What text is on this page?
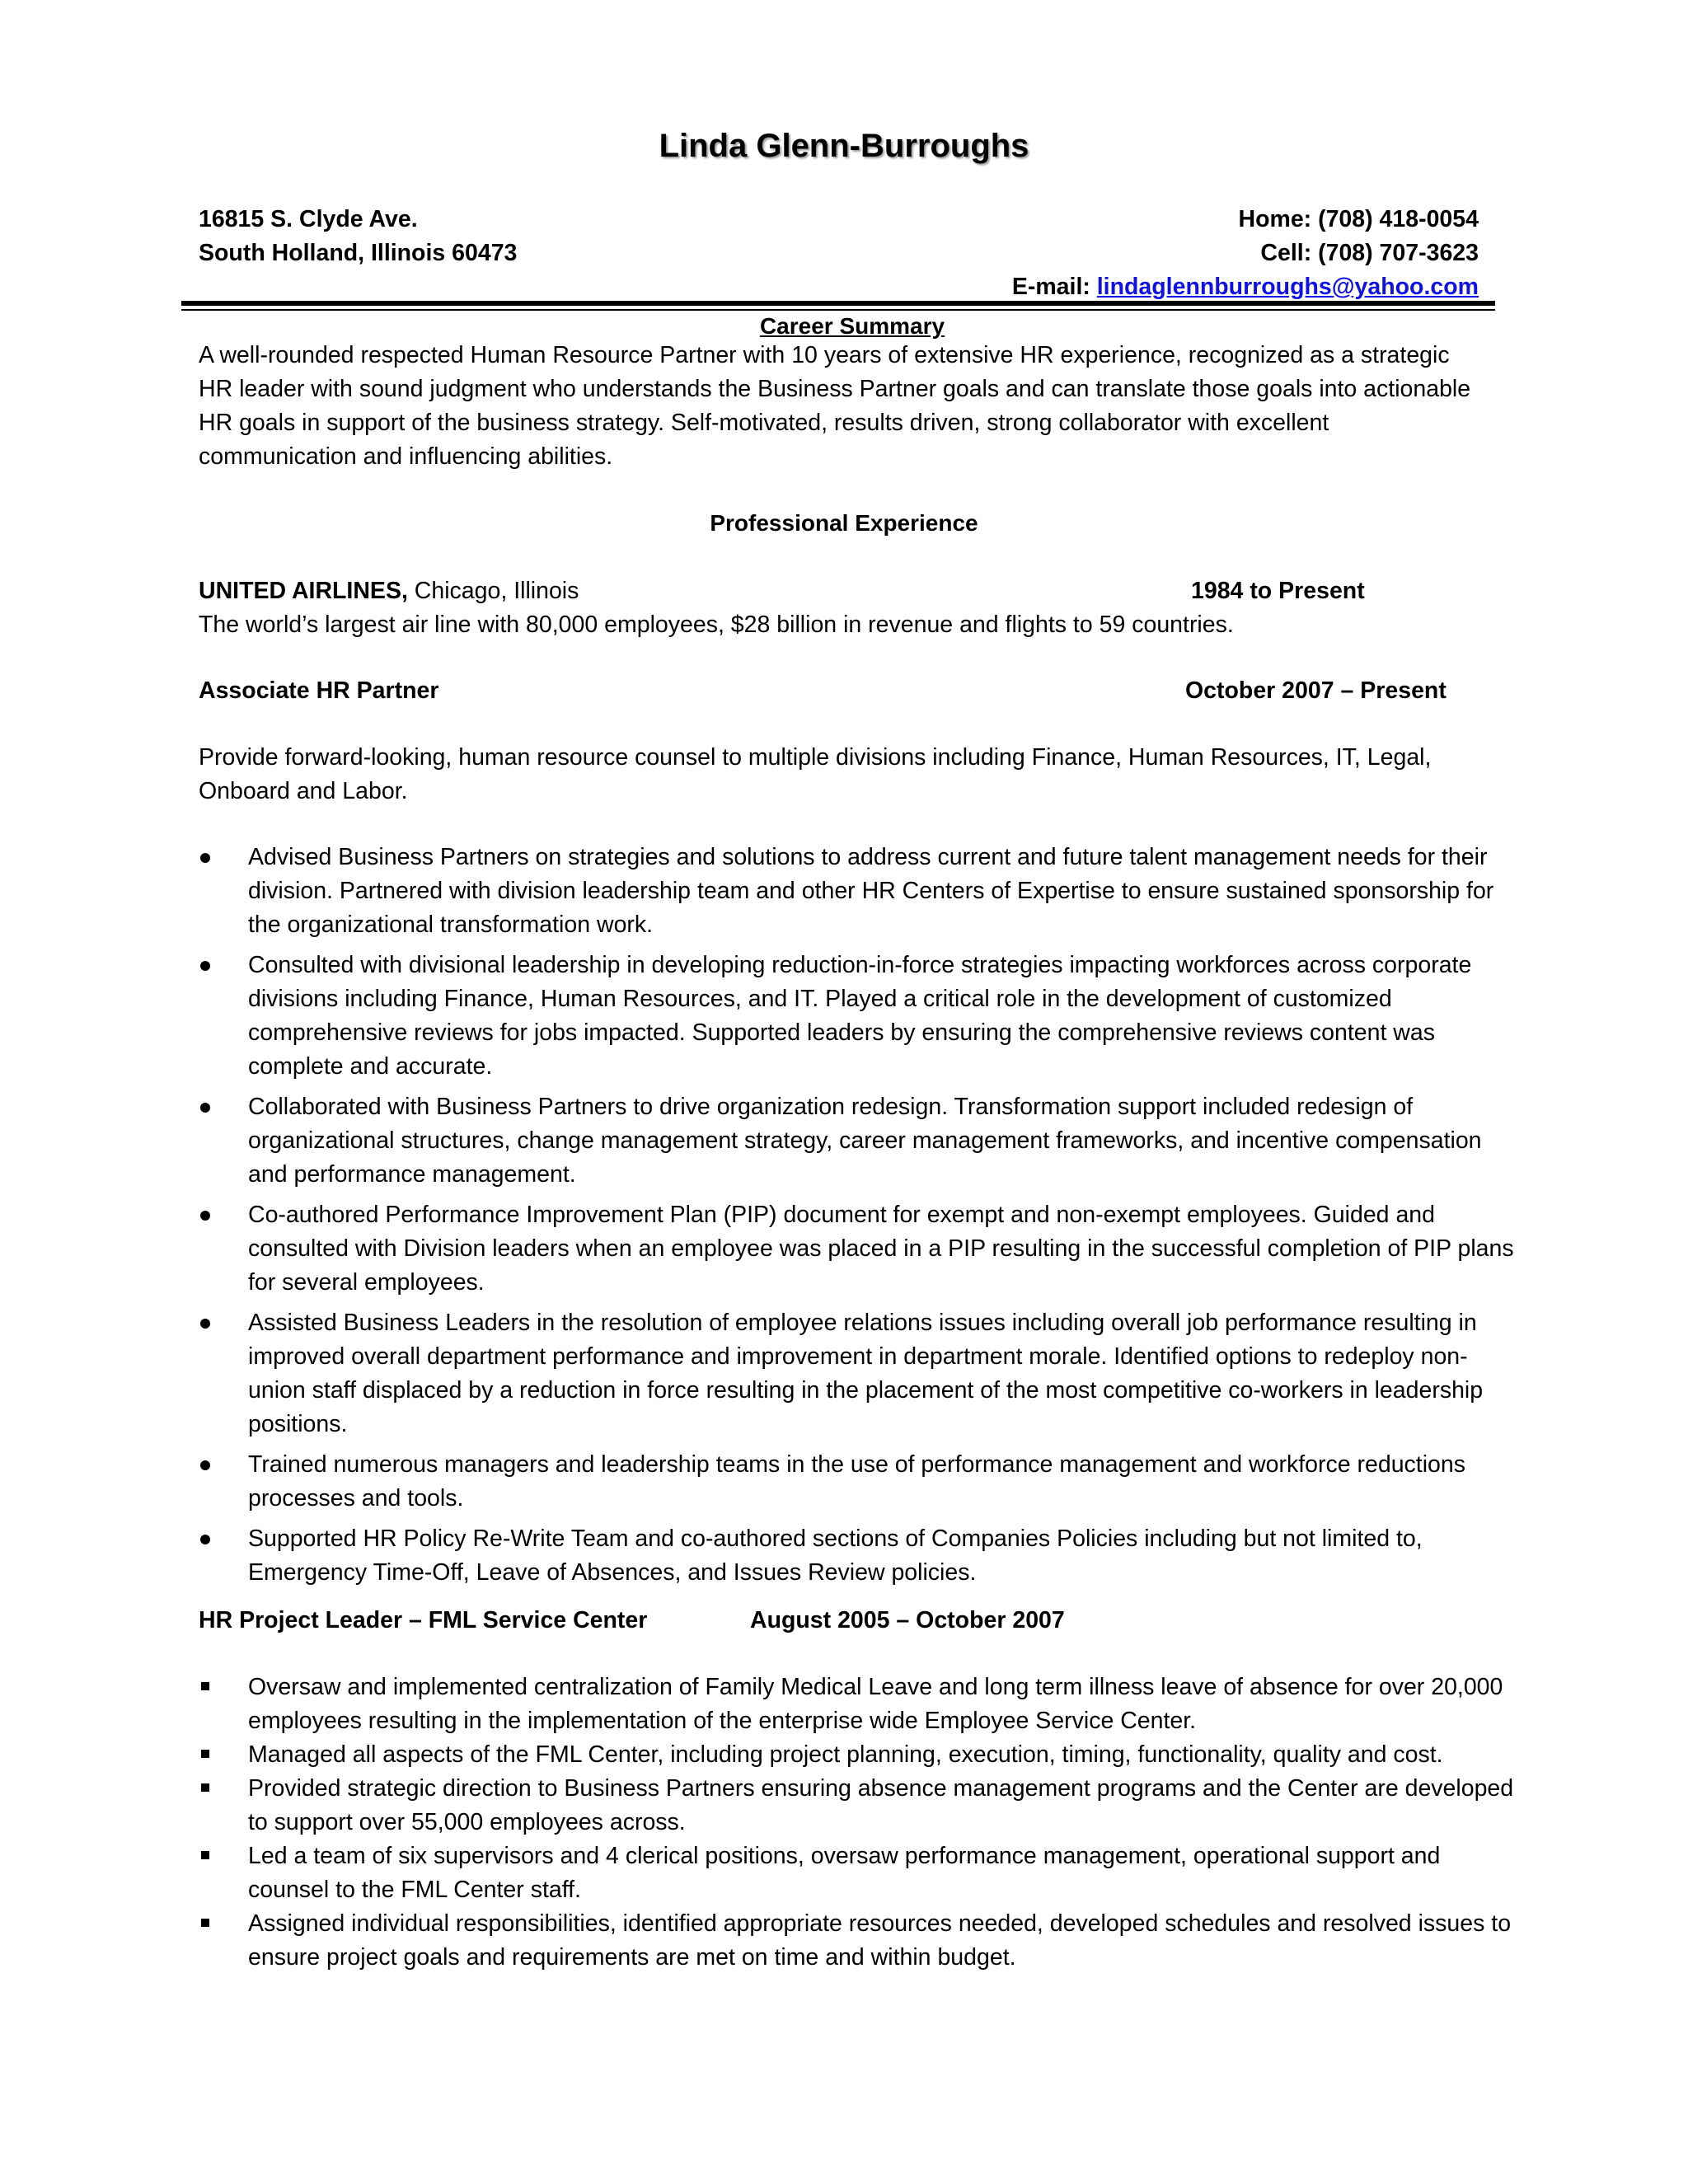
Linda Glenn-Burroughs
16815 S. Clyde Ave.
South Holland, Illinois 60473
Home: (708) 418-0054
Cell: (708) 707-3623
E-mail: lindaglennburroughs@yahoo.com
Career Summary
A well-rounded respected Human Resource Partner with 10 years of extensive HR experience, recognized as a strategic HR leader with sound judgment who understands the Business Partner goals and can translate those goals into actionable HR goals in support of the business strategy. Self-motivated, results driven, strong collaborator with excellent communication and influencing abilities.
Professional Experience
UNITED AIRLINES, Chicago, Illinois	1984 to Present
The world’s largest air line with 80,000 employees, $28 billion in revenue and flights to 59 countries.
Associate HR Partner	October 2007 – Present
Provide forward-looking, human resource counsel to multiple divisions including Finance, Human Resources, IT, Legal, Onboard and Labor.
Advised Business Partners on strategies and solutions to address current and future talent management needs for their division. Partnered with division leadership team and other HR Centers of Expertise to ensure sustained sponsorship for the organizational transformation work.
Consulted with divisional leadership in developing reduction-in-force strategies impacting workforces across corporate divisions including Finance, Human Resources, and IT. Played a critical role in the development of customized comprehensive reviews for jobs impacted. Supported leaders by ensuring the comprehensive reviews content was complete and accurate.
Collaborated with Business Partners to drive organization redesign. Transformation support included redesign of organizational structures, change management strategy, career management frameworks, and incentive compensation and performance management.
Co-authored Performance Improvement Plan (PIP) document for exempt and non-exempt employees. Guided and consulted with Division leaders when an employee was placed in a PIP resulting in the successful completion of PIP plans for several employees.
Assisted Business Leaders in the resolution of employee relations issues including overall job performance resulting in improved overall department performance and improvement in department morale. Identified options to redeploy non-union staff displaced by a reduction in force resulting in the placement of the most competitive co-workers in leadership positions.
Trained numerous managers and leadership teams in the use of performance management and workforce reductions processes and tools.
Supported HR Policy Re-Write Team and co-authored sections of Companies Policies including but not limited to, Emergency Time-Off, Leave of Absences, and Issues Review policies.
HR Project Leader – FML Service Center	August 2005 – October 2007
Oversaw and implemented centralization of Family Medical Leave and long term illness leave of absence for over 20,000 employees resulting in the implementation of the enterprise wide Employee Service Center.
Managed all aspects of the FML Center, including project planning, execution, timing, functionality, quality and cost.
Provided strategic direction to Business Partners ensuring absence management programs and the Center are developed to support over 55,000 employees across.
Led a team of six supervisors and 4 clerical positions, oversaw performance management, operational support and counsel to the FML Center staff.
Assigned individual responsibilities, identified appropriate resources needed, developed schedules and resolved issues to ensure project goals and requirements are met on time and within budget.
